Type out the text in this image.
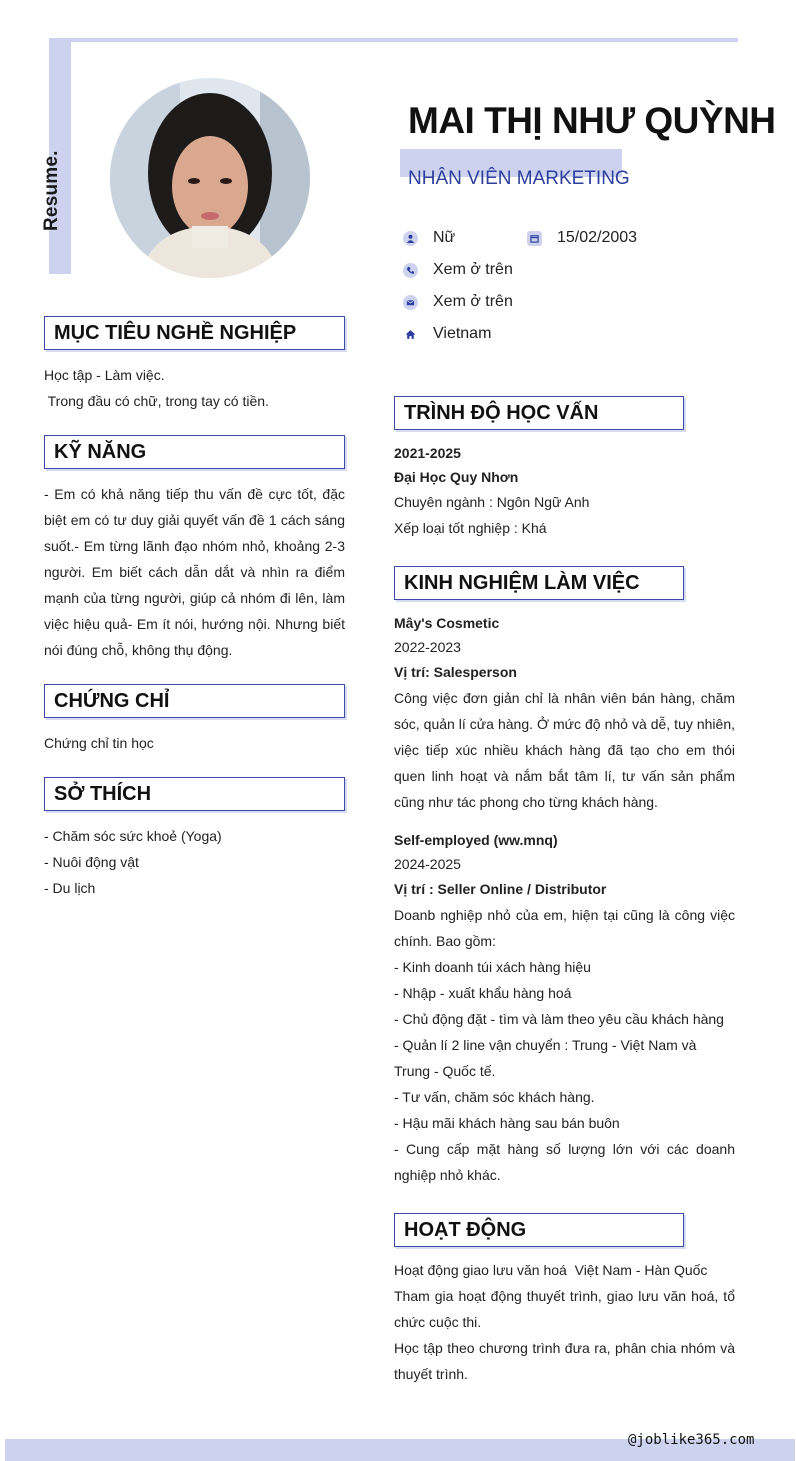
Resume.
MAI THỊ NHƯ QUỲNH
NHÂN VIÊN MARKETING
Nữ	15/02/2003
Xem ở trên
Xem ở trên
Vietnam
MỤC TIÊU NGHỀ NGHIỆP

Học tập - Làm việc.

Trong đầu có chữ, trong tay có tiền.

KỸ NĂNG
- Em có khả năng tiếp thu vấn đề cực tốt, đặc biệt em có tư duy giải quyết vấn đề 1 cách sáng suốt.- Em từng lãnh đạo nhóm nhỏ, khoảng 2-3 người. Em biết cách dẫn dắt và nhìn ra điểm mạnh của từng người, giúp cả nhóm đi lên, làm việc hiệu quả- Em ít nói, hướng nội. Nhưng biết nói đúng chỗ, không thụ động.
CHỨNG CHỈ
Chứng chỉ tin học
SỞ THÍCH

- Chăm sóc sức khoẻ (Yoga)

- Nuôi động vật

- Du lịch

TRÌNH ĐỘ HỌC VẤN

2021-2025

Đại Học Quy Nhơn

Chuyên ngành : Ngôn Ngữ Anh

Xếp loại tốt nghiệp : Khá

KINH NGHIỆM LÀM VIỆC

Mây's Cosmetic

2022-2023

Vị trí: Salesperson

Công việc đơn giản chỉ là nhân viên bán hàng, chăm sóc, quản lí cửa hàng. Ở mức độ nhỏ và dễ, tuy nhiên, việc tiếp xúc nhiều khách hàng đã tạo cho em thói quen linh hoạt và nắm bắt tâm lí, tư vấn sản phẩm cũng như tác phong cho từng khách hàng.

Self-employed (ww.mnq)

2024-2025

Vị trí : Seller Online / Distributor

Doanb nghiệp nhỏ của em, hiện tại cũng là công việc chính. Bao gồm:

- Kinh doanh túi xách hàng hiệu

- Nhập - xuất khẩu hàng hoá

- Chủ động đặt - tìm và làm theo yêu cầu khách hàng

- Quản lí 2 line vận chuyển : Trung - Việt Nam và Trung - Quốc tế.

- Tư vấn, chăm sóc khách hàng.

- Hậu mãi khách hàng sau bán buôn

- Cung cấp mặt hàng số lượng lớn với các doanh nghiệp nhỏ khác.

HOẠT ĐỘNG

Hoạt động giao lưu văn hoá  Việt Nam - Hàn Quốc

Tham gia hoạt động thuyết trình, giao lưu văn hoá, tổ chức cuộc thi.

Học tập theo chương trình đưa ra, phân chia nhóm và thuyết trình.

@joblike365.com
